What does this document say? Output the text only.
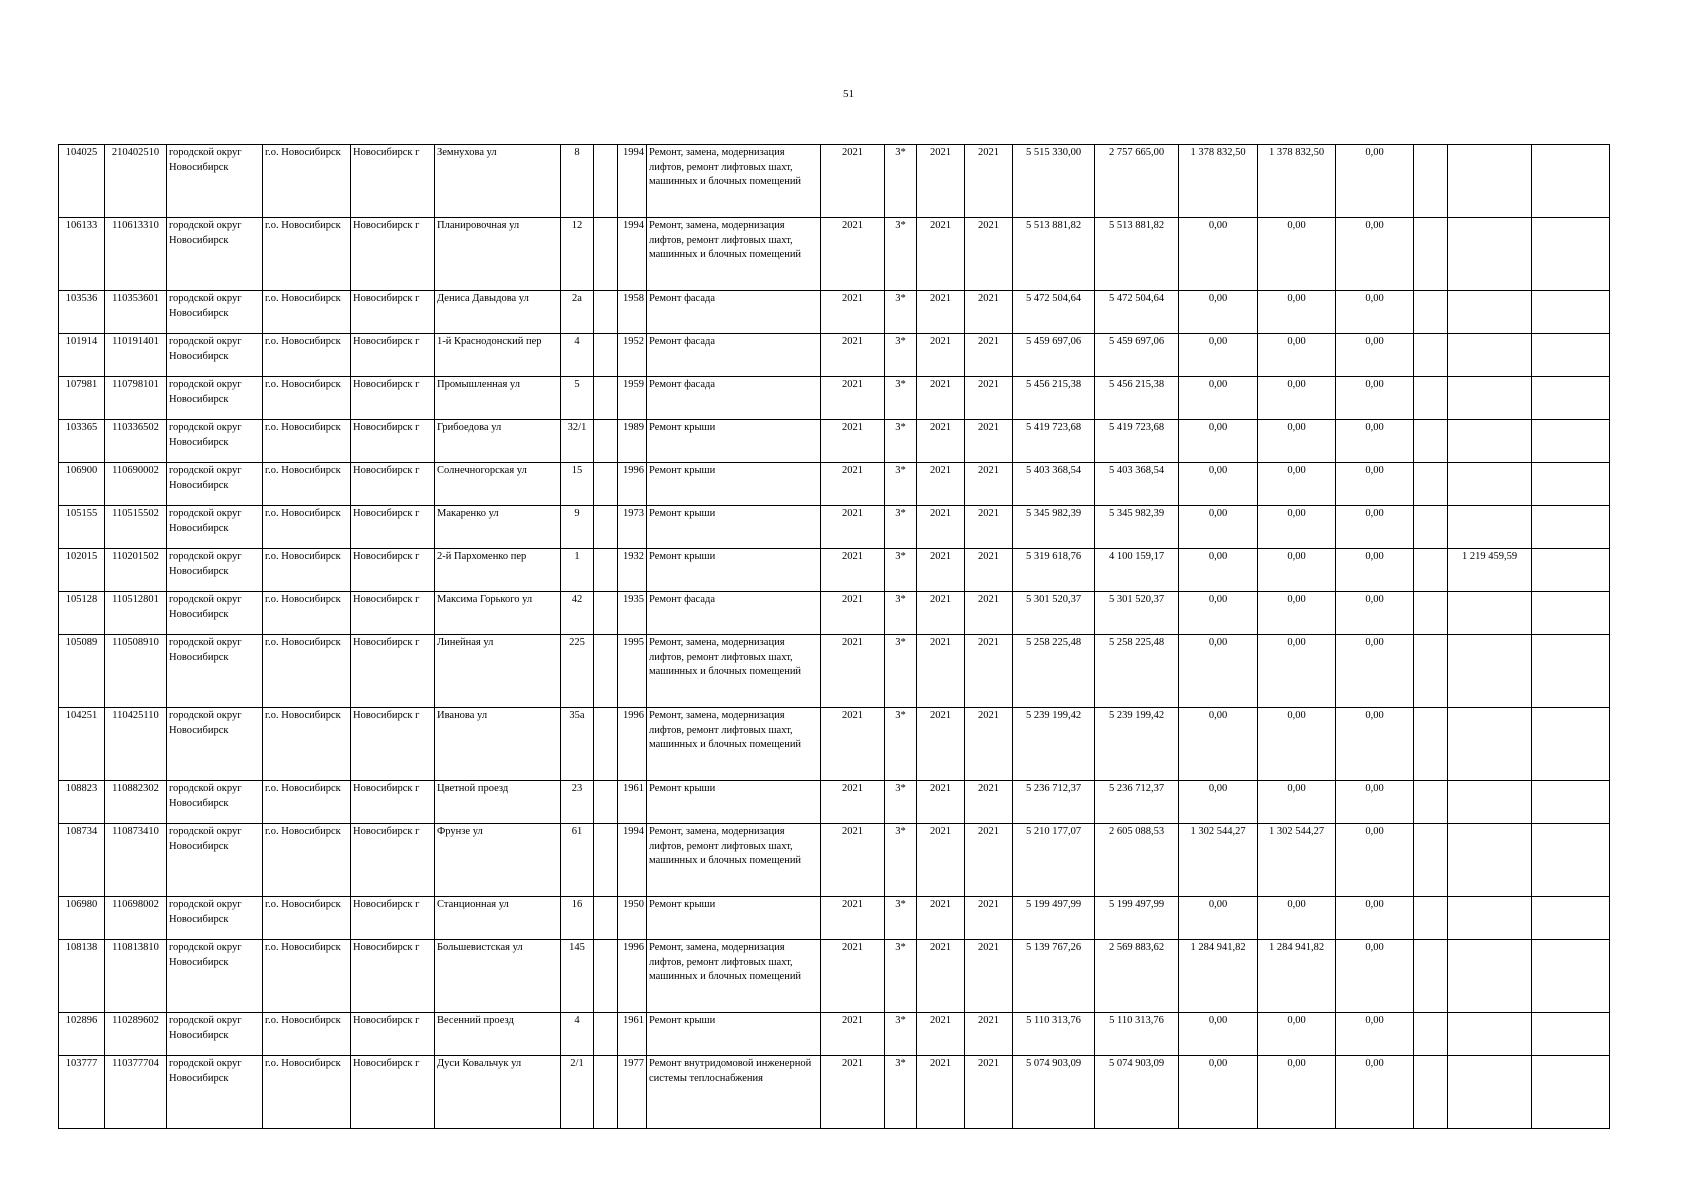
51
104025	210402510	городской округ Новосибирск	г.о. Новосибирск	Новосибирск г	Земнухова ул	8		1994	Ремонт, замена, модернизация лифтов, ремонт лифтовых шахт, машинных и блочных помещений	2021	3*	2021	2021	5 515 330,00	2 757 665,00	1 378 832,50	1 378 832,50	0,00			
106133	110613310	городской округ Новосибирск	г.о. Новосибирск	Новосибирск г	Планировочная ул	12		1994	Ремонт, замена, модернизация лифтов, ремонт лифтовых шахт, машинных и блочных помещений	2021	3*	2021	2021	5 513 881,82	5 513 881,82	0,00	0,00	0,00			
103536	110353601	городской округ Новосибирск	г.о. Новосибирск	Новосибирск г	Дениса Давыдова ул	2а		1958	Ремонт фасада	2021	3*	2021	2021	5 472 504,64	5 472 504,64	0,00	0,00	0,00			
101914	110191401	городской округ Новосибирск	г.о. Новосибирск	Новосибирск г	1-й Краснодонский пер	4		1952	Ремонт фасада	2021	3*	2021	2021	5 459 697,06	5 459 697,06	0,00	0,00	0,00			
107981	110798101	городской округ Новосибирск	г.о. Новосибирск	Новосибирск г	Промышленная ул	5		1959	Ремонт фасада	2021	3*	2021	2021	5 456 215,38	5 456 215,38	0,00	0,00	0,00			
103365	110336502	городской округ Новосибирск	г.о. Новосибирск	Новосибирск г	Грибоедова ул	32/1		1989	Ремонт крыши	2021	3*	2021	2021	5 419 723,68	5 419 723,68	0,00	0,00	0,00			
106900	110690002	городской округ Новосибирск	г.о. Новосибирск	Новосибирск г	Солнечногорская ул	15		1996	Ремонт крыши	2021	3*	2021	2021	5 403 368,54	5 403 368,54	0,00	0,00	0,00			
105155	110515502	городской округ Новосибирск	г.о. Новосибирск	Новосибирск г	Макаренко ул	9		1973	Ремонт крыши	2021	3*	2021	2021	5 345 982,39	5 345 982,39	0,00	0,00	0,00			
102015	110201502	городской округ Новосибирск	г.о. Новосибирск	Новосибирск г	2-й Пархоменко пер	1		1932	Ремонт крыши	2021	3*	2021	2021	5 319 618,76	4 100 159,17	0,00	0,00	0,00		1 219 459,59	
105128	110512801	городской округ Новосибирск	г.о. Новосибирск	Новосибирск г	Максима Горького ул	42		1935	Ремонт фасада	2021	3*	2021	2021	5 301 520,37	5 301 520,37	0,00	0,00	0,00			
105089	110508910	городской округ Новосибирск	г.о. Новосибирск	Новосибирск г	Линейная ул	225		1995	Ремонт, замена, модернизация лифтов, ремонт лифтовых шахт, машинных и блочных помещений	2021	3*	2021	2021	5 258 225,48	5 258 225,48	0,00	0,00	0,00			
104251	110425110	городской округ Новосибирск	г.о. Новосибирск	Новосибирск г	Иванова ул	35а		1996	Ремонт, замена, модернизация лифтов, ремонт лифтовых шахт, машинных и блочных помещений	2021	3*	2021	2021	5 239 199,42	5 239 199,42	0,00	0,00	0,00			
108823	110882302	городской округ Новосибирск	г.о. Новосибирск	Новосибирск г	Цветной проезд	23		1961	Ремонт крыши	2021	3*	2021	2021	5 236 712,37	5 236 712,37	0,00	0,00	0,00			
108734	110873410	городской округ Новосибирск	г.о. Новосибирск	Новосибирск г	Фрунзе ул	61		1994	Ремонт, замена, модернизация лифтов, ремонт лифтовых шахт, машинных и блочных помещений	2021	3*	2021	2021	5 210 177,07	2 605 088,53	1 302 544,27	1 302 544,27	0,00			
106980	110698002	городской округ Новосибирск	г.о. Новосибирск	Новосибирск г	Станционная ул	16		1950	Ремонт крыши	2021	3*	2021	2021	5 199 497,99	5 199 497,99	0,00	0,00	0,00			
108138	110813810	городской округ Новосибирск	г.о. Новосибирск	Новосибирск г	Большевистская ул	145		1996	Ремонт, замена, модернизация лифтов, ремонт лифтовых шахт, машинных и блочных помещений	2021	3*	2021	2021	5 139 767,26	2 569 883,62	1 284 941,82	1 284 941,82	0,00			
102896	110289602	городской округ Новосибирск	г.о. Новосибирск	Новосибирск г	Весенний проезд	4		1961	Ремонт крыши	2021	3*	2021	2021	5 110 313,76	5 110 313,76	0,00	0,00	0,00			
103777	110377704	городской округ Новосибирск	г.о. Новосибирск	Новосибирск г	Дуси Ковальчук ул	2/1		1977	Ремонт внутридомовой инженерной системы теплоснабжения	2021	3*	2021	2021	5 074 903,09	5 074 903,09	0,00	0,00	0,00			
